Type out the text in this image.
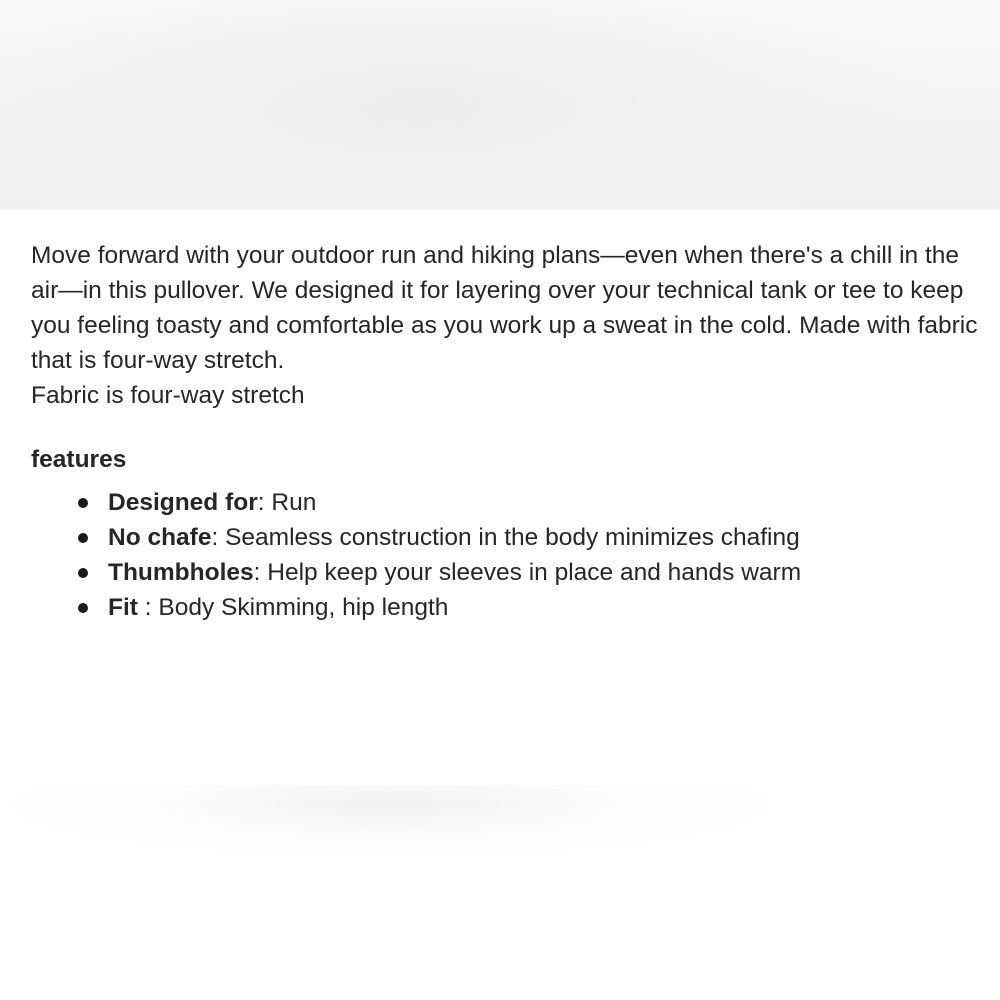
Move forward with your outdoor run and hiking plans—even when there's a chill in the air—in this pullover. We designed it for layering over your technical tank or tee to keep you feeling toasty and comfortable as you work up a sweat in the cold. Made with fabric that is four-way stretch.

Fabric is four-way stretch

features
Designed for: Run
No chafe: Seamless construction in the body minimizes chafing
Thumbholes: Help keep your sleeves in place and hands warm
Fit : Body Skimming, hip length
